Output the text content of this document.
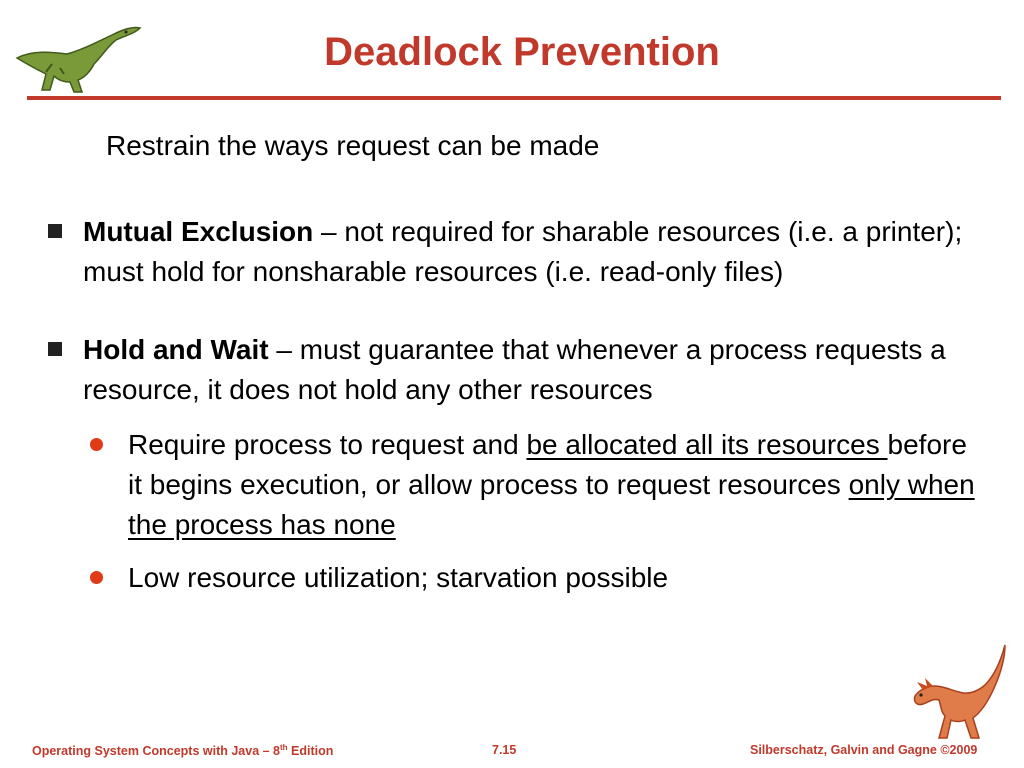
Deadlock Prevention

Restrain the ways request can be made

Mutual Exclusion – not required for sharable resources (i.e. a printer); must hold for nonsharable resources (i.e. read-only files)
Hold and Wait – must guarantee that whenever a process requests a resource, it does not hold any other resources
Require process to request and be allocated all its resources before it begins execution, or allow process to request resources only when the process has none
Low resource utilization; starvation possible
Operating System Concepts with Java – 8th Edition	7.15	Silberschatz, Galvin and Gagne ©2009
